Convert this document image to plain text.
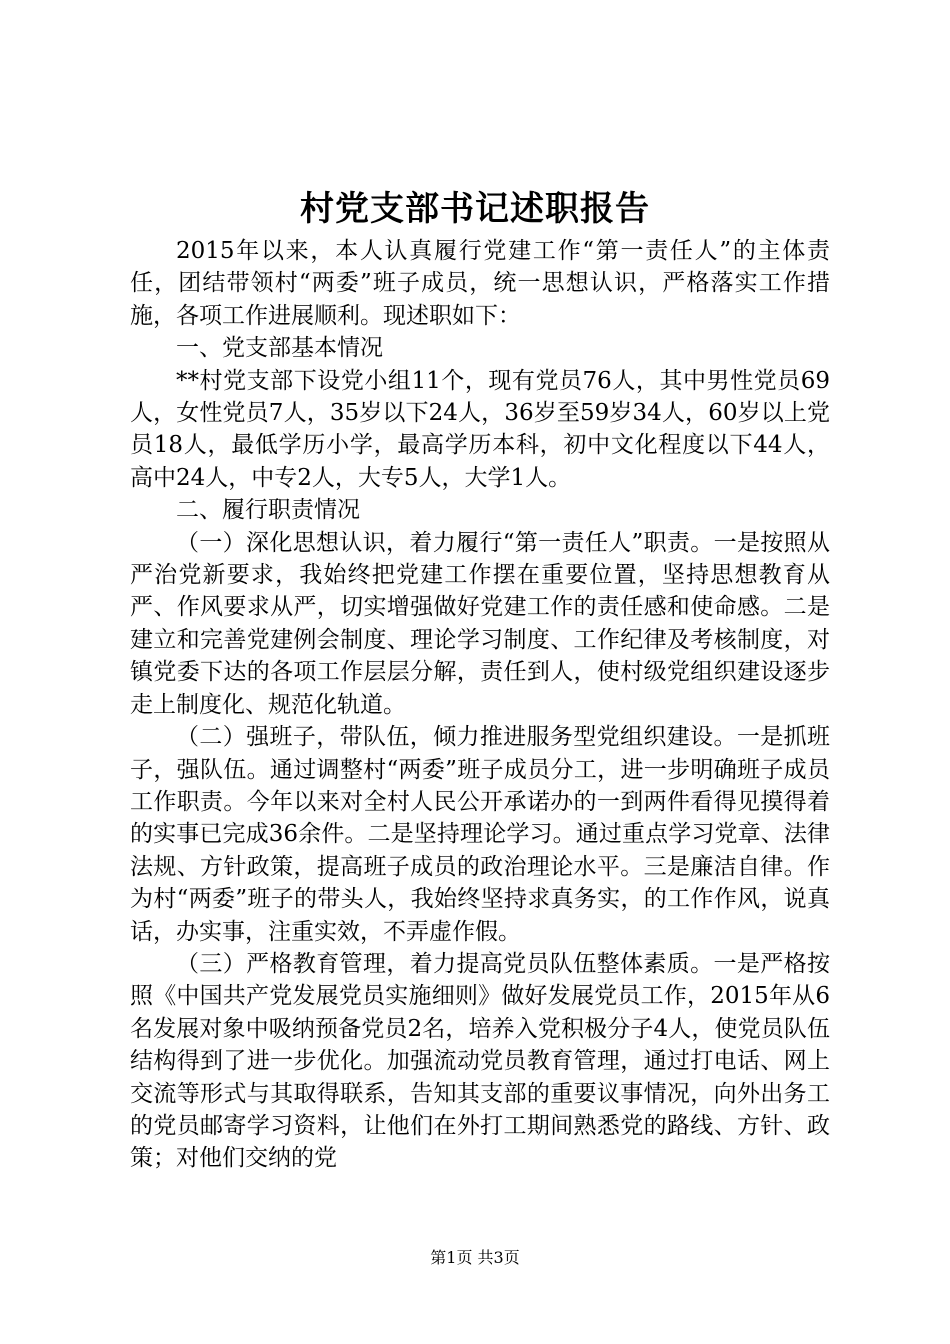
村党支部书记述职报告

2015年以来，本人认真履行党建工作“第一责任人”的主体责任，团结带领村“两委”班子成员，统一思想认识，严格落实工作措施，各项工作进展顺利。现述职如下：

一、党支部基本情况

**村党支部下设党小组11个，现有党员76人，其中男性党员69人，女性党员7人，35岁以下24人，36岁至59岁34人，60岁以上党员18人，最低学历小学，最高学历本科，初中文化程度以下44人，高中24人，中专2人，大专5人，大学1人。

二、履行职责情况

（一）深化思想认识，着力履行“第一责任人”职责。一是按照从严治党新要求，我始终把党建工作摆在重要位置，坚持思想教育从严、作风要求从严，切实增强做好党建工作的责任感和使命感。二是建立和完善党建例会制度、理论学习制度、工作纪律及考核制度，对镇党委下达的各项工作层层分解，责任到人，使村级党组织建设逐步走上制度化、规范化轨道。

（二）强班子，带队伍，倾力推进服务型党组织建设。一是抓班子，强队伍。通过调整村“两委”班子成员分工，进一步明确班子成员工作职责。今年以来对全村人民公开承诺办的一到两件看得见摸得着的实事已完成36余件。二是坚持理论学习。通过重点学习党章、法律法规、方针政策，提高班子成员的政治理论水平。三是廉洁自律。作为村“两委”班子的带头人，我始终坚持求真务实，的工作作风，说真话，办实事，注重实效，不弄虚作假。

（三）严格教育管理，着力提高党员队伍整体素质。一是严格按照《中国共产党发展党员实施细则》做好发展党员工作，2015年从6名发展对象中吸纳预备党员2名，培养入党积极分子4人，使党员队伍结构得到了进一步优化。加强流动党员教育管理，通过打电话、网上交流等形式与其取得联系，告知其支部的重要议事情况，向外出务工的党员邮寄学习资料，让他们在外打工期间熟悉党的路线、方针、政策；对他们交纳的党

第1页 共3页
